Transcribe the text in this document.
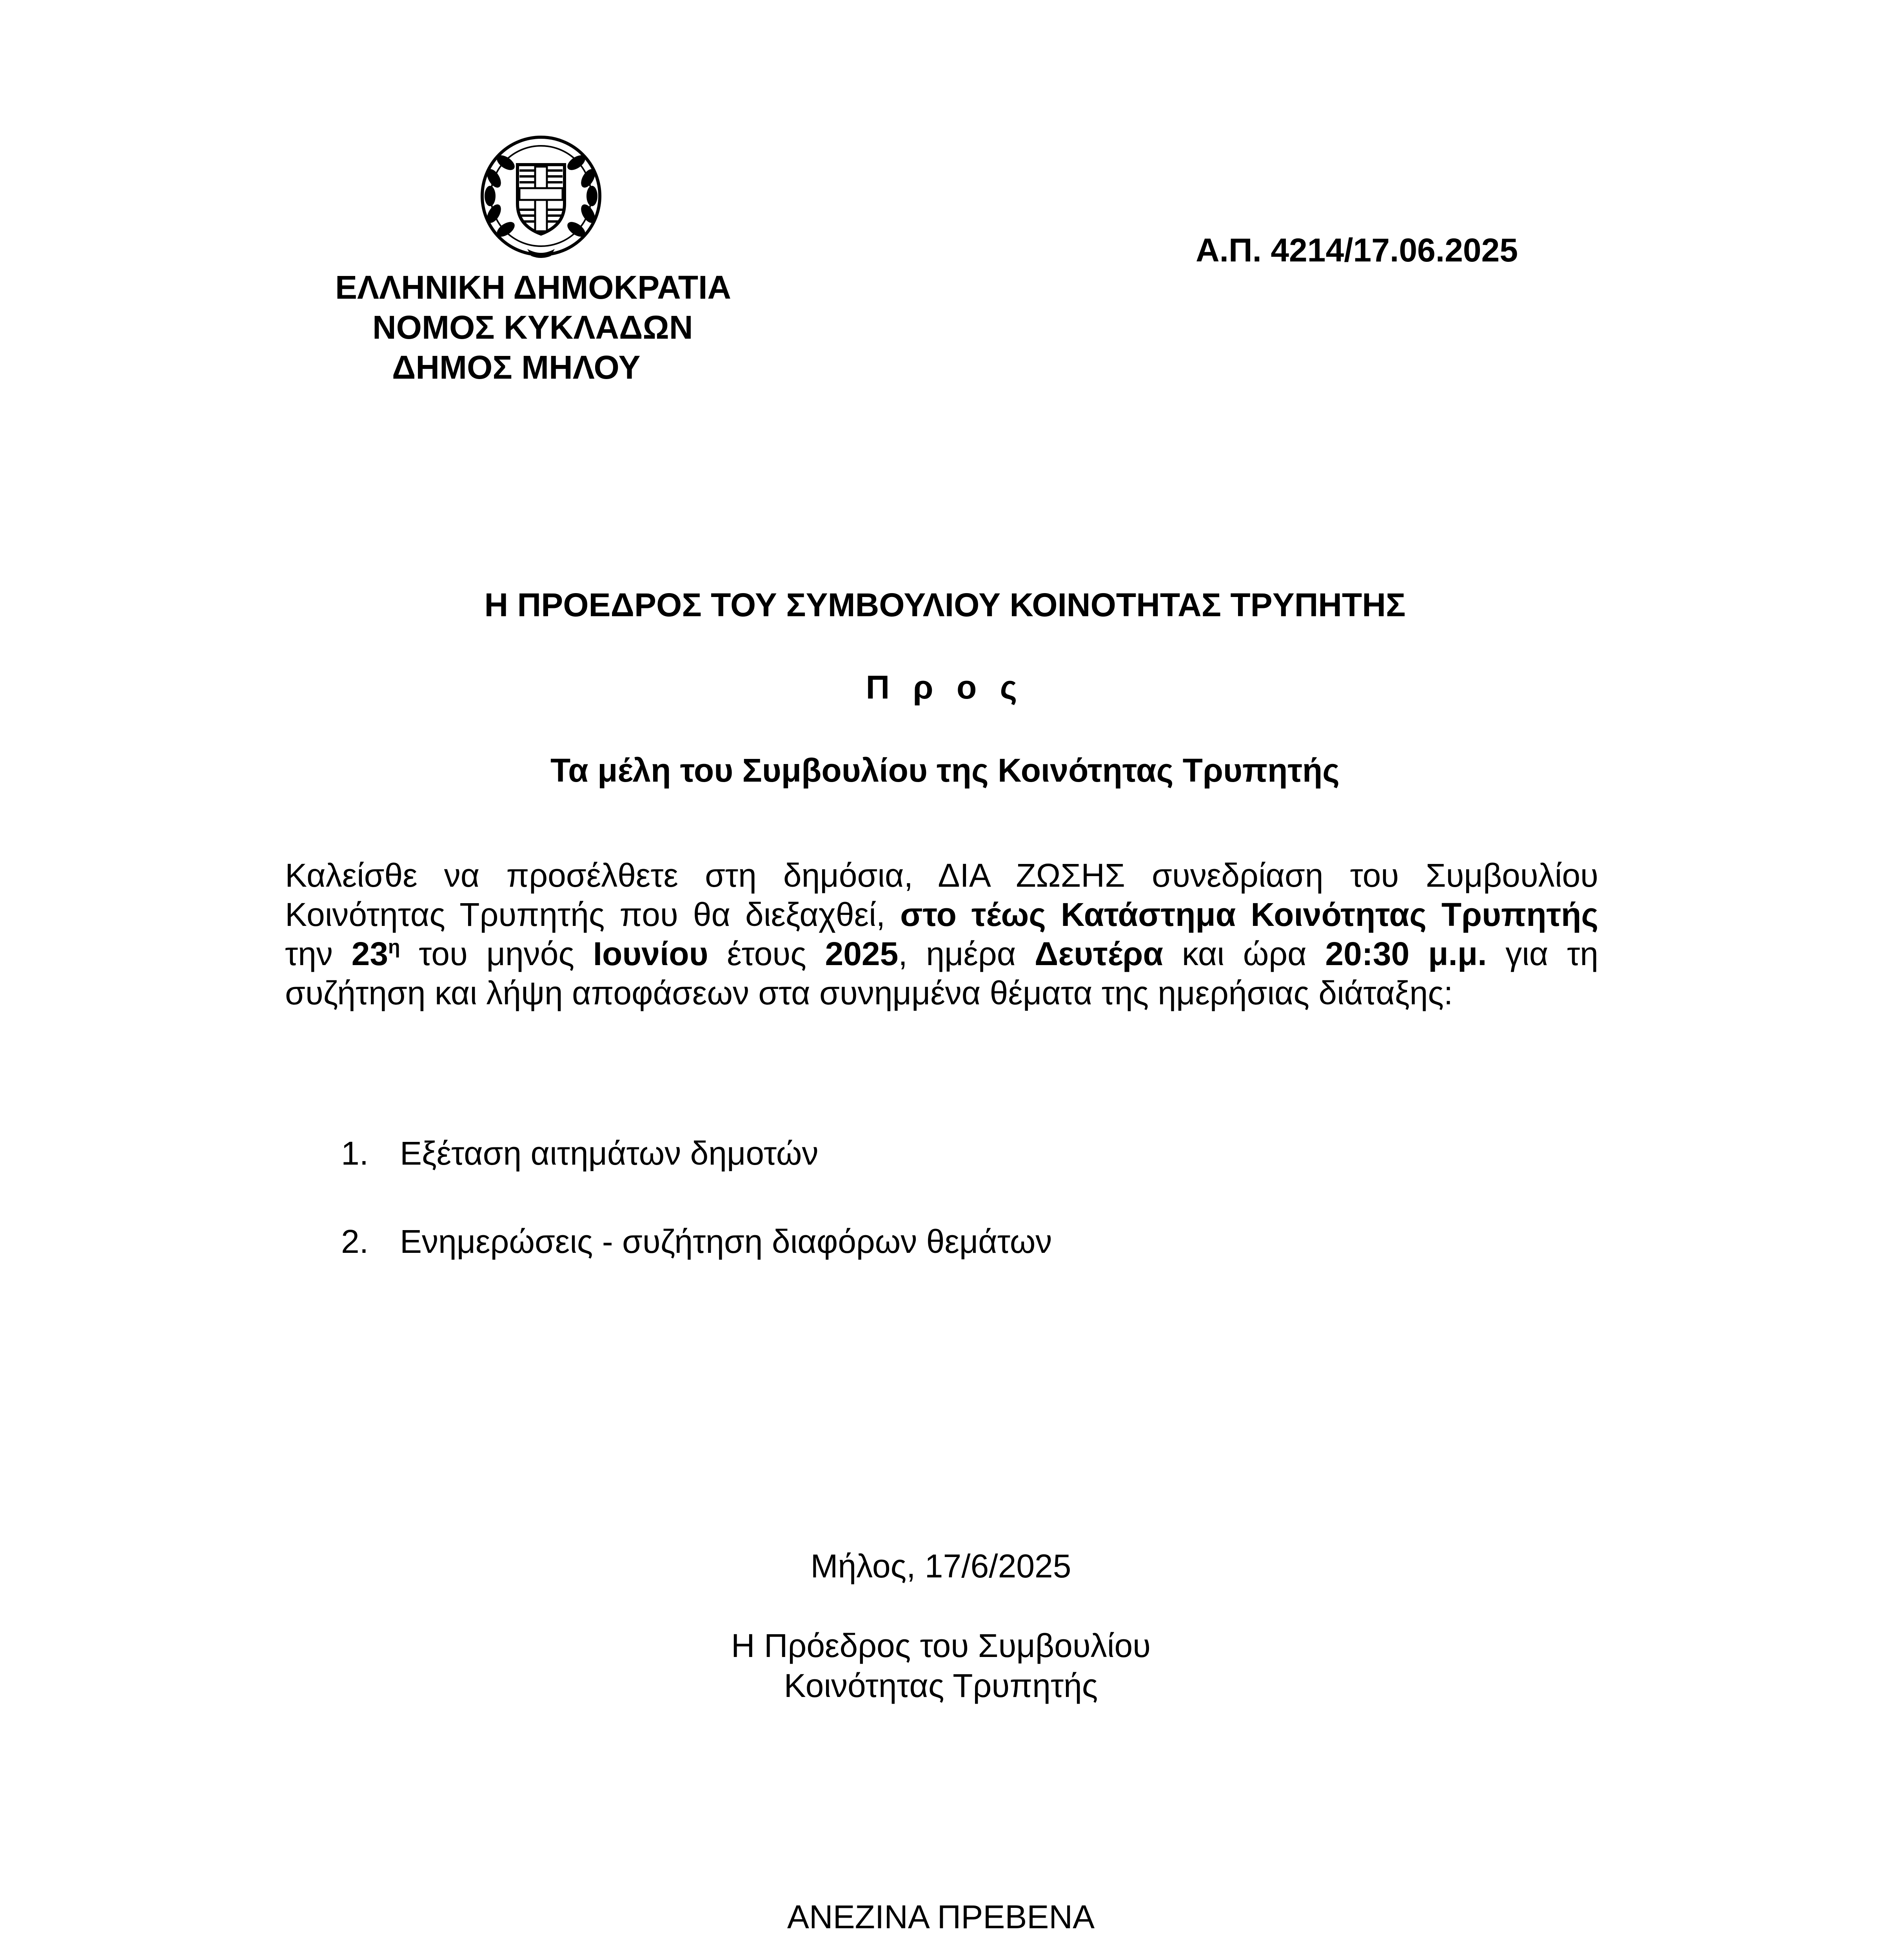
ΕΛΛΗΝΙΚΗ ΔΗΜΟΚΡΑΤΙΑ
ΝΟΜΟΣ ΚΥΚΛΑΔΩΝ
ΔΗΜΟΣ ΜΗΛΟΥ
Α.Π. 4214/17.06.2025
Η ΠΡΟΕΔΡΟΣ ΤΟΥ ΣΥΜΒΟΥΛΙΟΥ ΚΟΙΝΟΤΗΤΑΣ ΤΡΥΠΗΤΗΣ
Π ρ ο ς
Τα μέλη του Συμβουλίου της Κοινότητας Τρυπητής
Καλείσθε να προσέλθετε στη δημόσια, ΔΙΑ ΖΩΣΗΣ συνεδρίαση του Συμβουλίου Κοινότητας Τρυπητής που θα διεξαχθεί, στο τέως Κατάστημα Κοινότητας Τρυπητής την $23^\eta$ του μηνός Ιουνίου έτους 2025, ημέρα Δευτέρα και ώρα 20:30 μ.μ. για τη συζήτηση και λήψη αποφάσεων στα συνημμένα θέματα της ημερήσιας διάταξης:
1. Εξέταση αιτημάτων δημοτών
2. Ενημερώσεις - συζήτηση διαφόρων θεμάτων
Μήλος, 17/6/2025
Η Πρόεδρος του Συμβουλίου
Κοινότητας Τρυπητής
ΑΝΕΖΙΝΑ ΠΡΕΒΕΝΑ
